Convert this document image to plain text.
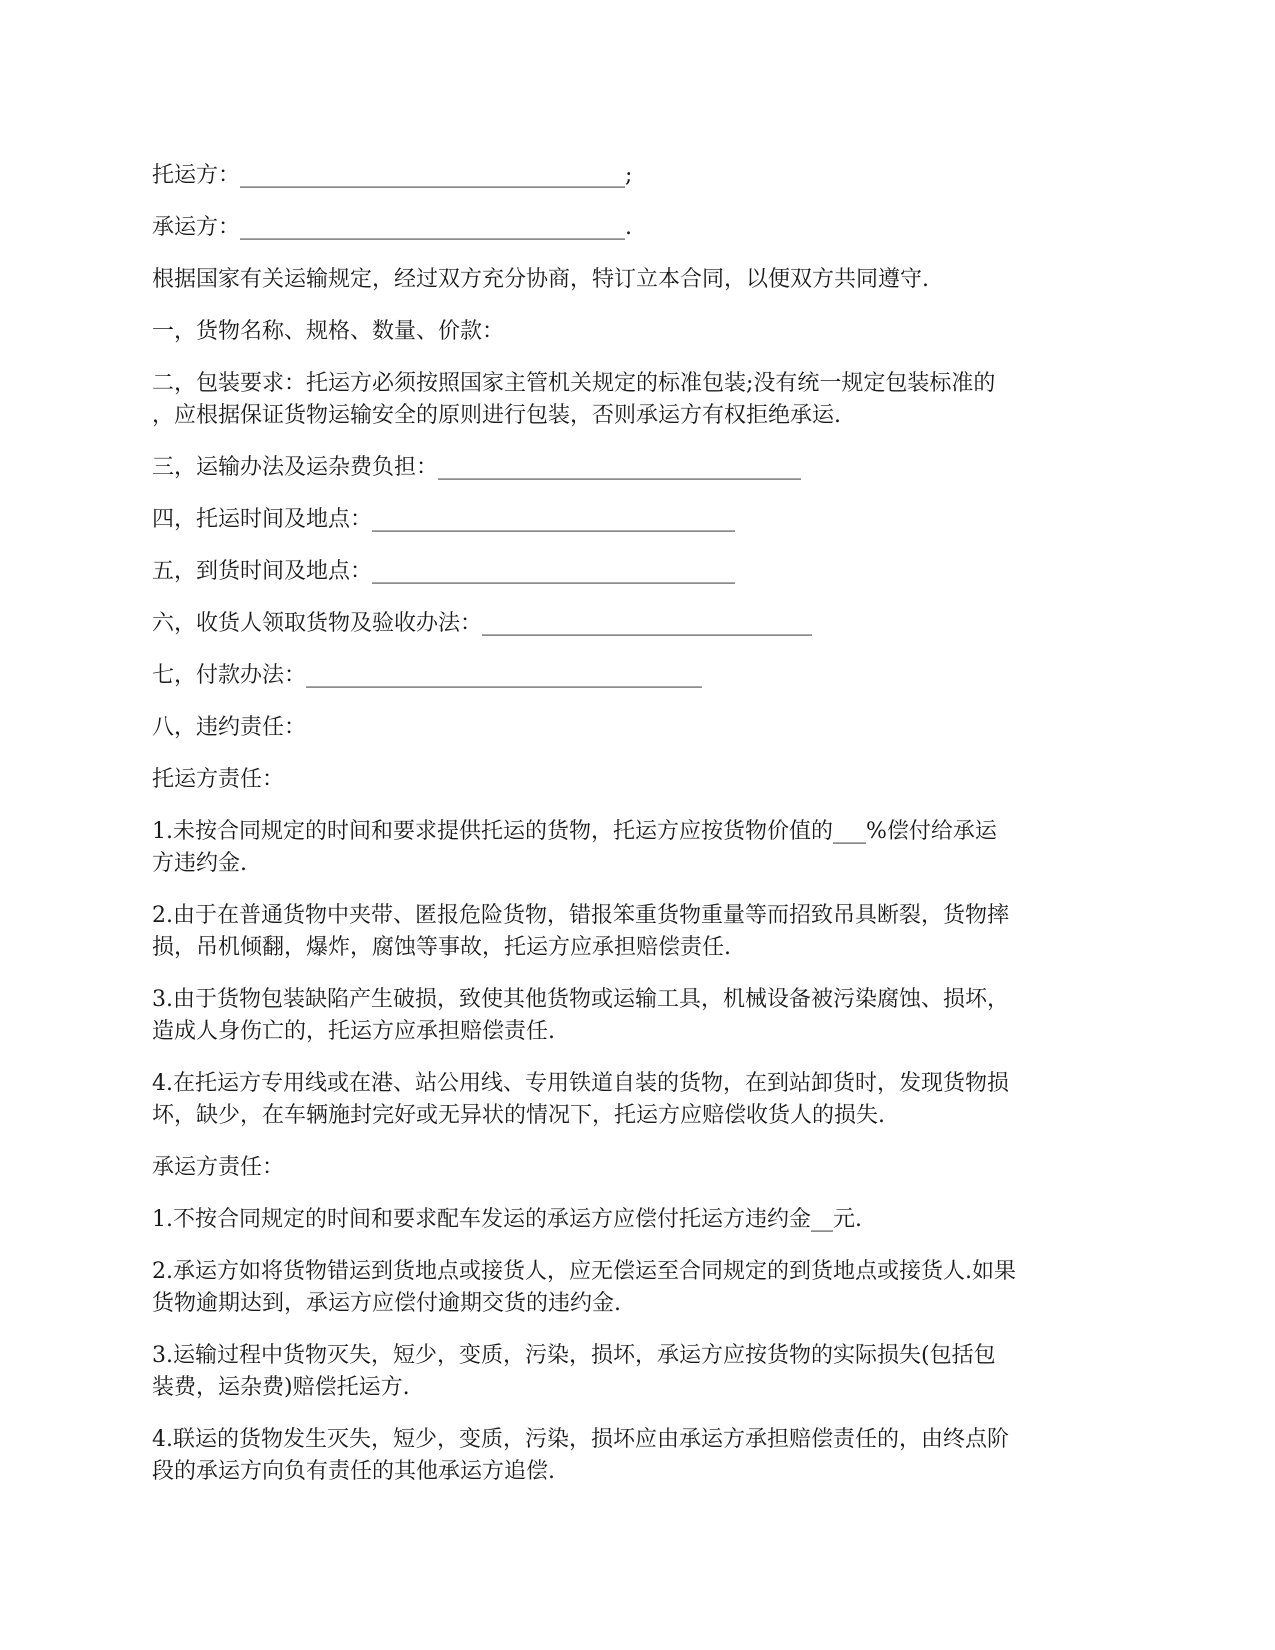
托运方：___________________________________;

承运方：___________________________________.

根据国家有关运输规定，经过双方充分协商，特订立本合同，以便双方共同遵守.

一，货物名称、规格、数量、价款：

二，包装要求：托运方必须按照国家主管机关规定的标准包装;没有统一规定包装标准的
，应根据保证货物运输安全的原则进行包装，否则承运方有权拒绝承运.

三，运输办法及运杂费负担：_________________________________

四，托运时间及地点：_________________________________

五，到货时间及地点：_________________________________

六，收货人领取货物及验收办法：______________________________

七，付款办法：____________________________________

八，违约责任：

托运方责任：

1.未按合同规定的时间和要求提供托运的货物，托运方应按货物价值的___%偿付给承运
方违约金.

2.由于在普通货物中夹带、匿报危险货物，错报笨重货物重量等而招致吊具断裂，货物摔
损，吊机倾翻，爆炸，腐蚀等事故，托运方应承担赔偿责任.

3.由于货物包装缺陷产生破损，致使其他货物或运输工具，机械设备被污染腐蚀、损坏，
造成人身伤亡的，托运方应承担赔偿责任.

4.在托运方专用线或在港、站公用线、专用铁道自装的货物，在到站卸货时，发现货物损
坏，缺少，在车辆施封完好或无异状的情况下，托运方应赔偿收货人的损失.

承运方责任：

1.不按合同规定的时间和要求配车发运的承运方应偿付托运方违约金__元.

2.承运方如将货物错运到货地点或接货人，应无偿运至合同规定的到货地点或接货人.如果
货物逾期达到，承运方应偿付逾期交货的违约金.

3.运输过程中货物灭失，短少，变质，污染，损坏，承运方应按货物的实际损失(包括包
装费，运杂费)赔偿托运方.

4.联运的货物发生灭失，短少，变质，污染，损坏应由承运方承担赔偿责任的，由终点阶
段的承运方向负有责任的其他承运方追偿.
